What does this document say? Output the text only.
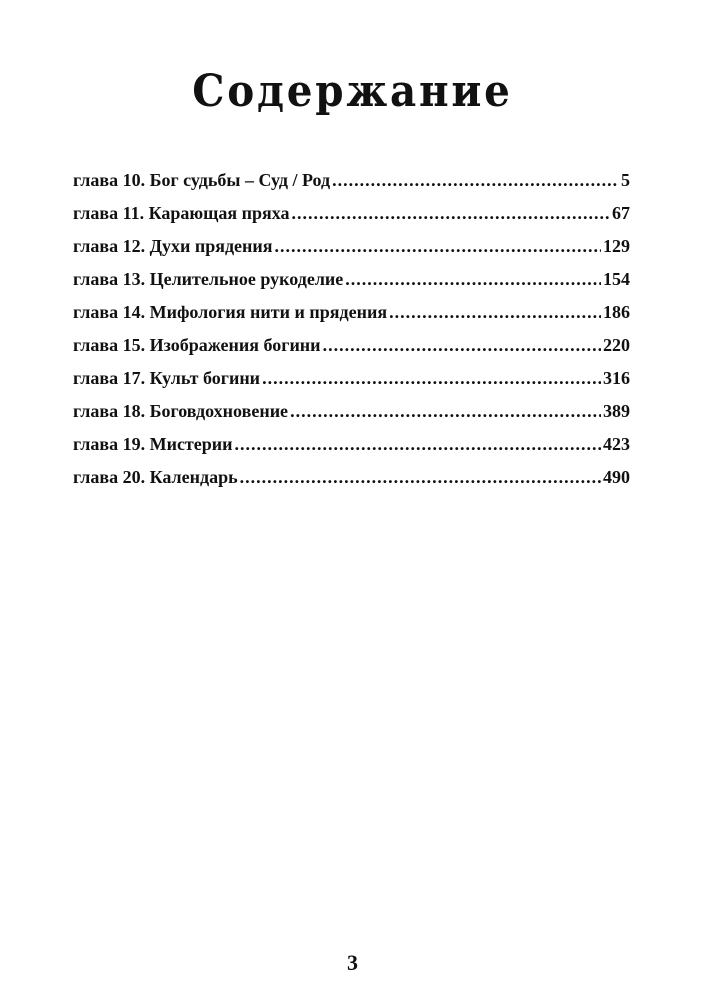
Содержание
глава 10. Бог судьбы – Суд / Род .....	5
глава 11. Карающая пряха .....	67
глава 12. Духи прядения .....	129
глава 13. Целительное рукоделие .....	154
глава 14. Мифология нити и прядения .....	186
глава 15. Изображения богини .....	220
глава 17. Культ богини .....	316
глава 18. Боговдохновение .....	389
глава 19. Мистерии .....	423
глава 20. Календарь .....	490
3
